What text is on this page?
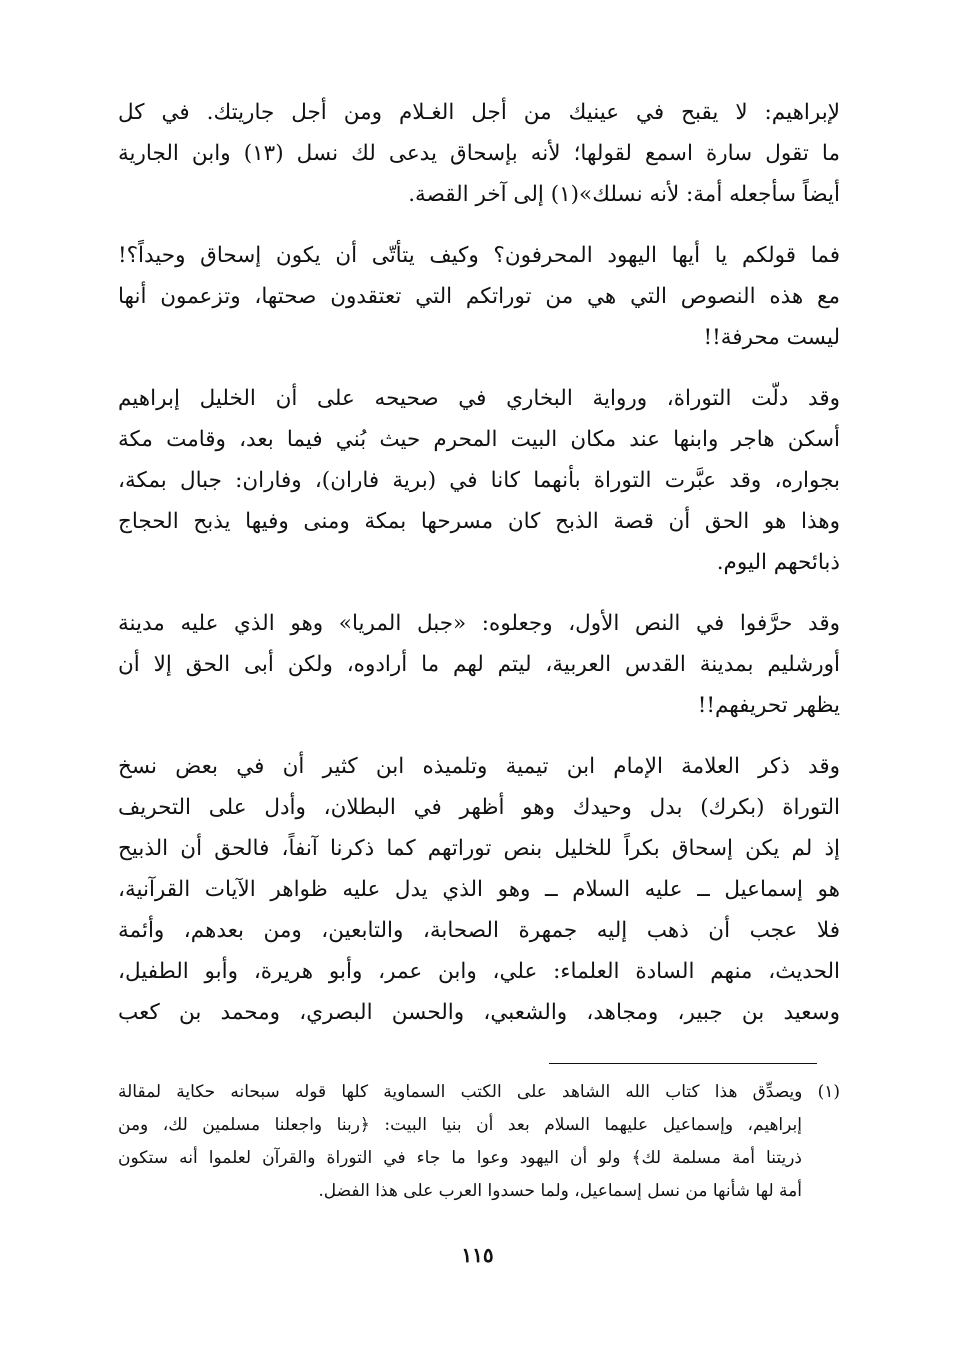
لإبراهيم: لا يقبح في عينيك من أجل الغـلام ومن أجل جاريتك. في كل
ما تقول سارة اسمع لقولها؛ لأنه بإسحاق يدعى لك نسل (١٣) وابن الجارية
أيضاً سأجعله أمة: لأنه نسلك»(١) إلى آخر القصة.

فما قولكم يا أيها اليهود المحرفون؟ وكيف يتأتّى أن يكون إسحاق وحيداً؟!
مع هذه النصوص التي هي من توراتكم التي تعتقدون صحتها، وتزعمون أنها
ليست محرفة!!

وقد دلّت التوراة، ورواية البخاري في صحيحه على أن الخليل إبراهيم
أسكن هاجر وابنها عند مكان البيت المحرم حيث بُني فيما بعد، وقامت مكة
بجواره، وقد عبَّرت التوراة بأنهما كانا في (برية فاران)، وفاران: جبال بمكة،
وهذا هو الحق أن قصة الذبح كان مسرحها بمكة ومنى وفيها يذبح الحجاج
ذبائحهم اليوم.

وقد حرَّفوا في النص الأول، وجعلوه: «جبل المريا» وهو الذي عليه مدينة
أورشليم بمدينة القدس العربية، ليتم لهم ما أرادوه، ولكن أبى الحق إلا أن
يظهر تحريفهم!!

وقد ذكر العلامة الإمام ابن تيمية وتلميذه ابن كثير أن في بعض نسخ
التوراة (بكرك) بدل وحيدك وهو أظهر في البطلان، وأدل على التحريف
إذ لم يكن إسحاق بكراً للخليل بنص توراتهم كما ذكرنا آنفاً، فالحق أن الذبيح
هو إسماعيل ــ عليه السلام ــ وهو الذي يدل عليه ظواهر الآيات القرآنية،
فلا عجب أن ذهب إليه جمهرة الصحابة، والتابعين، ومن بعدهم، وأئمة
الحديث، منهم السادة العلماء: علي، وابن عمر، وأبو هريرة، وأبو الطفيل،
وسعيد بن جبير، ومجاهد، والشعبي، والحسن البصري، ومحمد بن كعب

(١) ويصدِّق هذا كتاب الله الشاهد على الكتب السماوية كلها قوله سبحانه حكاية لمقالة
إبراهيم، وإسماعيل عليهما السلام بعد أن بنيا البيت: ﴿ربنا واجعلنا مسلمين لك، ومن
ذريتنا أمة مسلمة لك﴾ ولو أن اليهود وعوا ما جاء في التوراة والقرآن لعلموا أنه ستكون
أمة لها شأنها من نسل إسماعيل، ولما حسدوا العرب على هذا الفضل.
١١٥
